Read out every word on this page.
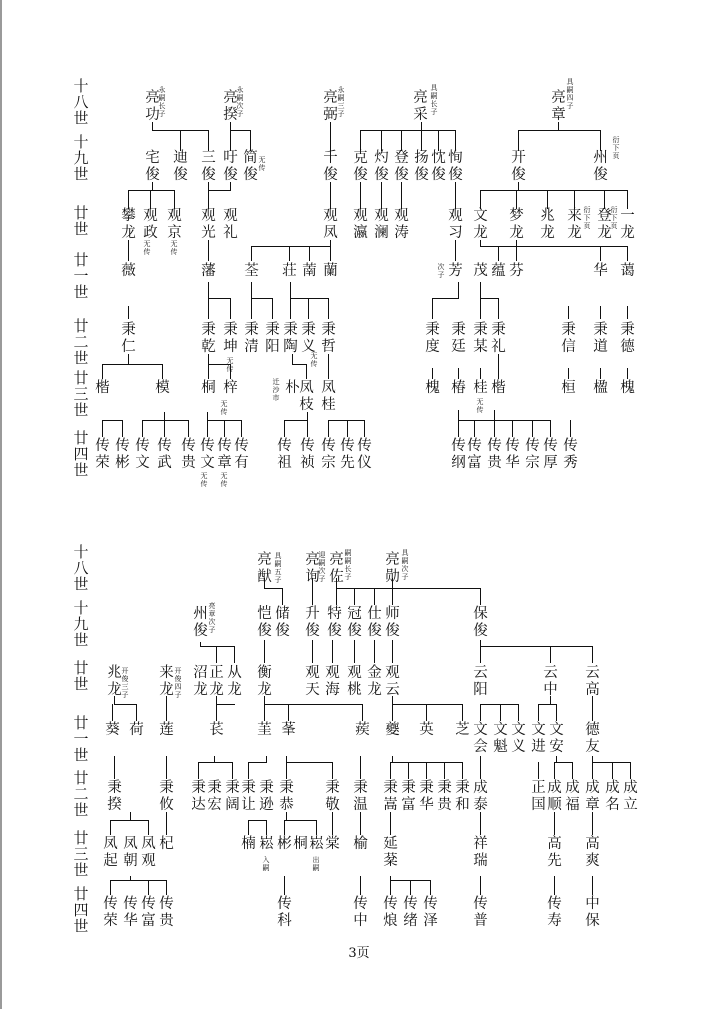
十
八
世
十
九
世
廿
世
廿
一
世
廿
二
世
廿
三
世
廿
四
世
亮
功
亮
揆
亮
弼
亮
采
亮
章
宅
俊
迪
俊
三
俊
吁
俊
简
俊
千
俊
克
俊
灼
俊
登
俊
扬
俊
忱
俊
恂
俊
开
俊
州
俊
攀
龙
观
政
观
京
观
光
观
礼
观
凤
观
瀛
观
澜
观
涛
观
习
文
龙
梦
龙
兆
龙
来
龙
登
龙
一
龙
薇	藩 荃 荘 萳 蘭	芳 茂 蕴 芬	华 蔼
秉
仁
秉
乾
秉
坤
秉
清
秉
阳
秉
陶
秉
义
秉
哲
秉
度
秉
廷
秉
某
秉
礼
秉
信
秉
道
秉
德
楷	模 桐 梓	朴 凤
枝
凤
桂
槐 椿 桂 楷	桓 楹 槐
传
荣
传
彬
传
文
传
武
传
贵
传
文
传
章
传
有
传
祖
传
祯
传
宗
传
先
传
仪
传
纲
传
富
传
贵
传
华
传
宗
传
厚
传
秀
永
嗣
长
子
永
嗣
次
子
永
嗣
三
子
具
嗣
长
子
具
嗣
四
子
无
传
衍
下
页
无
传
无
传
衍
下
页
衍
下
页
次
子
无
传
无
传
无
传
迁
沙
市	无
传
无
传
无
传
十
八
世
十
九
世
廿
世
廿
一
世
廿
二
世
廿
三
世
廿
四
世
亮
猷
亮
询
亮
佐
亮
勋
州
俊
恺
俊
储
俊
升
俊
特
俊
冠
俊
仕
俊
师
俊
保
俊
兆
龙
来
龙
沼
龙
正
龙
从
龙
衡
龙
观
天
观
海
观
桃
金
龙
观
云
云
阳
云
中
云
高
葵 荷 莲 苌 茥 莑	蒺 夔 英 芝 文
会
文
魁
文
义
文
进
文
安
德
友
秉
揆
秉
攸
秉
达
秉
宏
秉
阔
秉
让
秉
逊
秉
恭
秉
敬
秉
温
秉
嵩
秉
富
秉
华
秉
贵
秉
和
成
泰
正
国
成
顺
成
福
成
章
成
名
成
立
凤
起
凤
朝
凤
观
杞	楠 崧 彬 桐 崧 棠 榆 延
棻
祥
瑞
高
先
高
爽
传
荣
传
华
传
富
传
贵
传
科
传
中
传
烺
传
绪
传
泽
传
普
传
寿
中
保
具
嗣
五
子
迎
嗣
次
子
嗣
嗣
长
子
具
嗣
次
子
亮
章
次
子
开
俊
三
子
开
俊
四
子
入
嗣
出
嗣
3页
